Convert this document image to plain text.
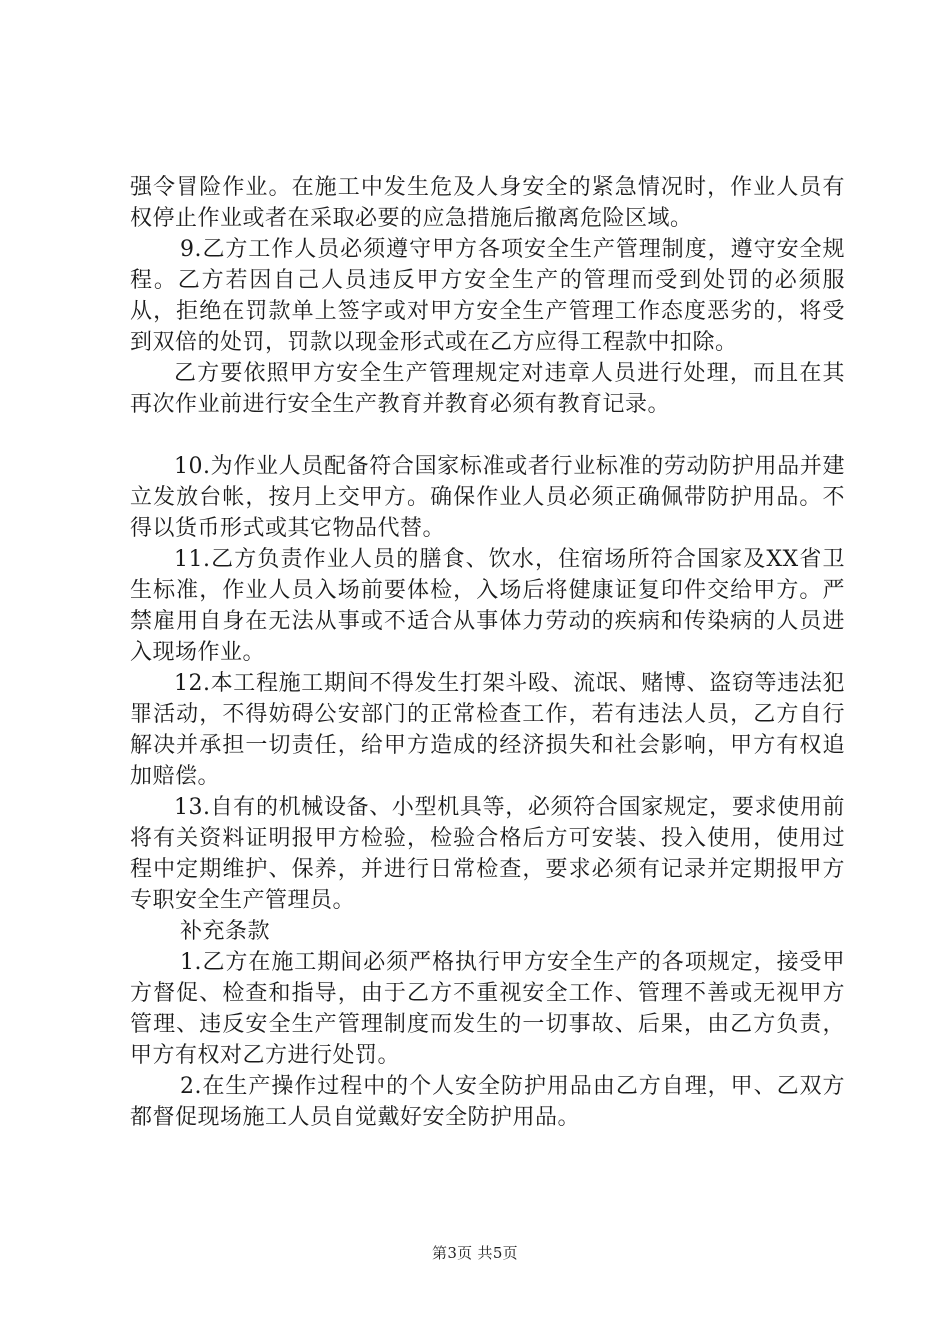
强令冒险作业。在施工中发生危及人身安全的紧急情况时，作业人员有权停止作业或者在采取必要的应急措施后撤离危险区域。

9.乙方工作人员必须遵守甲方各项安全生产管理制度，遵守安全规程。乙方若因自己人员违反甲方安全生产的管理而受到处罚的必须服从，拒绝在罚款单上签字或对甲方安全生产管理工作态度恶劣的，将受到双倍的处罚，罚款以现金形式或在乙方应得工程款中扣除。

乙方要依照甲方安全生产管理规定对违章人员进行处理，而且在其再次作业前进行安全生产教育并教育必须有教育记录。

10.为作业人员配备符合国家标准或者行业标准的劳动防护用品并建立发放台帐，按月上交甲方。确保作业人员必须正确佩带防护用品。不得以货币形式或其它物品代替。

11.乙方负责作业人员的膳食、饮水，住宿场所符合国家及XX省卫生标准，作业人员入场前要体检，入场后将健康证复印件交给甲方。严禁雇用自身在无法从事或不适合从事体力劳动的疾病和传染病的人员进入现场作业。

12.本工程施工期间不得发生打架斗殴、流氓、赌博、盗窃等违法犯罪活动，不得妨碍公安部门的正常检查工作，若有违法人员，乙方自行解决并承担一切责任，给甲方造成的经济损失和社会影响，甲方有权追加赔偿。

13.自有的机械设备、小型机具等，必须符合国家规定，要求使用前将有关资料证明报甲方检验，检验合格后方可安装、投入使用，使用过程中定期维护、保养，并进行日常检查，要求必须有记录并定期报甲方专职安全生产管理员。

补充条款

1.乙方在施工期间必须严格执行甲方安全生产的各项规定，接受甲方督促、检查和指导，由于乙方不重视安全工作、管理不善或无视甲方管理、违反安全生产管理制度而发生的一切事故、后果，由乙方负责，甲方有权对乙方进行处罚。

2.在生产操作过程中的个人安全防护用品由乙方自理，甲、乙双方都督促现场施工人员自觉戴好安全防护用品。

第3页 共5页
